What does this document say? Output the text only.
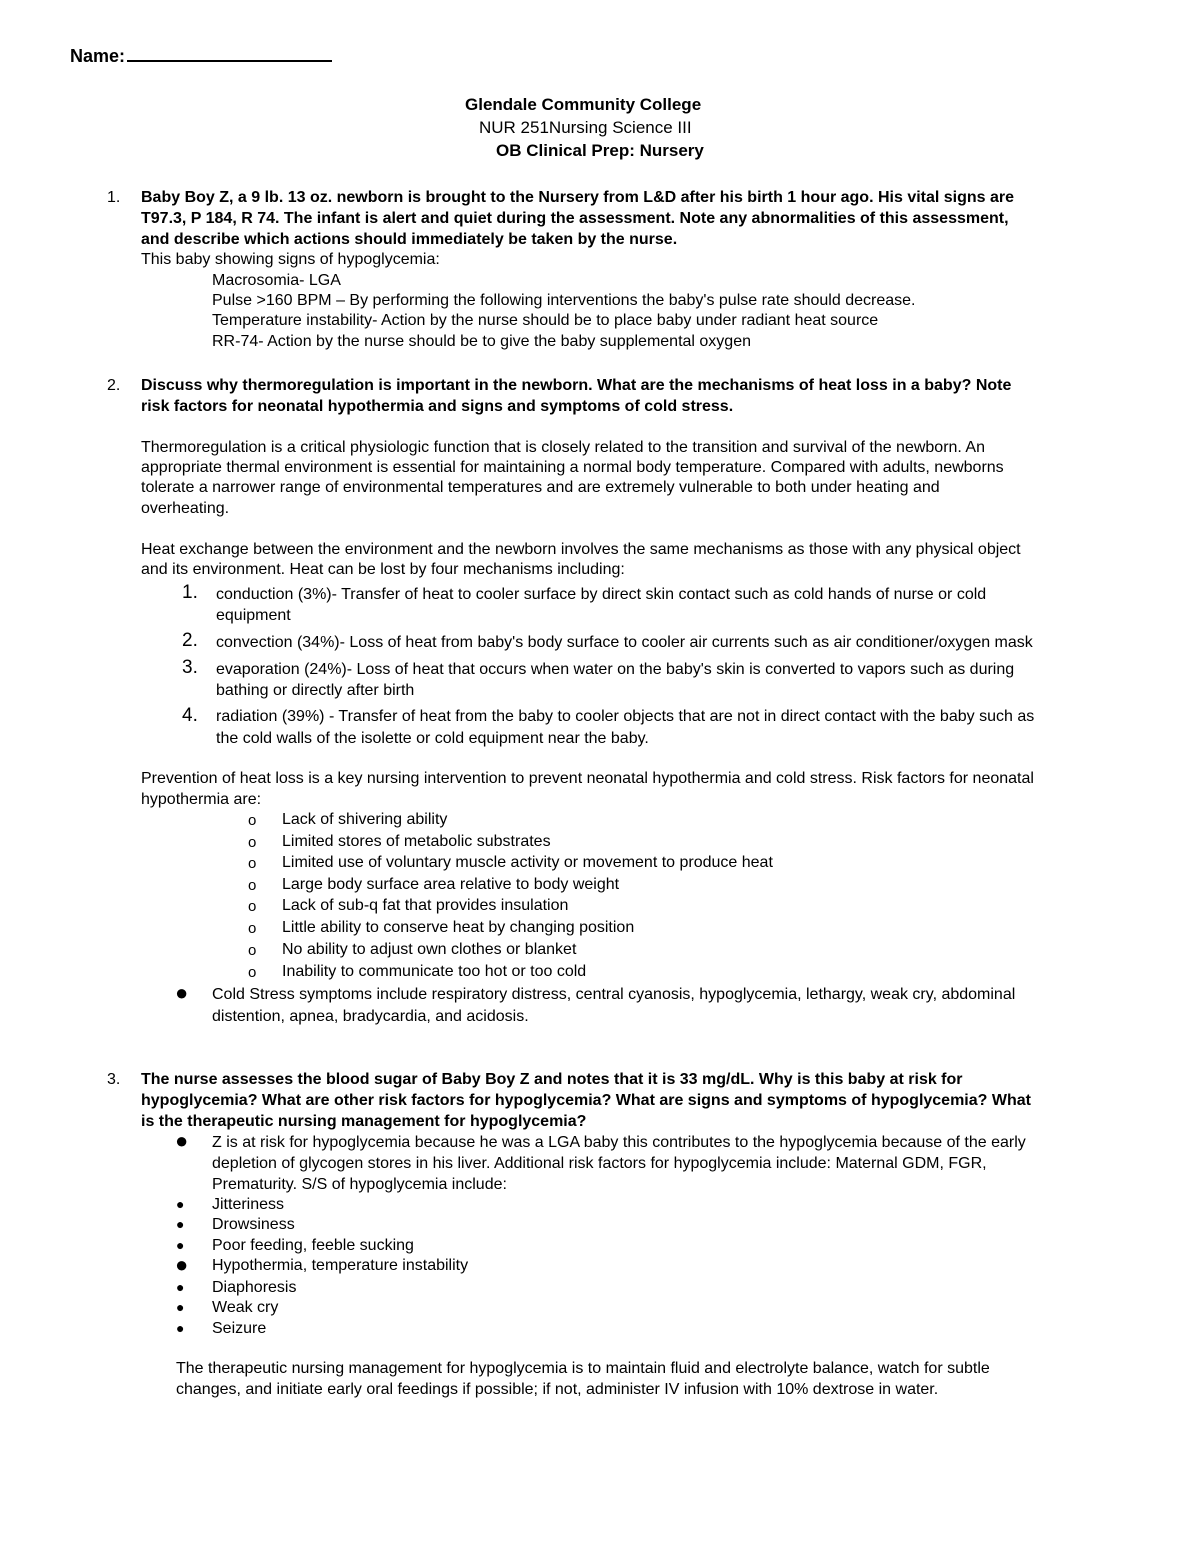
Name:
Glendale Community College
NUR 251Nursing Science III
OB Clinical Prep: Nursery
1. Baby Boy Z, a 9 lb. 13 oz. newborn is brought to the Nursery from L&D after his birth 1 hour ago. His vital signs are
T97.3, P 184, R 74. The infant is alert and quiet during the assessment. Note any abnormalities of this assessment,
and describe which actions should immediately be taken by the nurse.
This baby showing signs of hypoglycemia:
Macrosomia- LGA
Pulse >160 BPM – By performing the following interventions the baby's pulse rate should decrease.
Temperature instability- Action by the nurse should be to place baby under radiant heat source
RR-74- Action by the nurse should be to give the baby supplemental oxygen
2. Discuss why thermoregulation is important in the newborn. What are the mechanisms of heat loss in a baby? Note
risk factors for neonatal hypothermia and signs and symptoms of cold stress.
Thermoregulation is a critical physiologic function that is closely related to the transition and survival of the newborn. An
appropriate thermal environment is essential for maintaining a normal body temperature. Compared with adults, newborns
tolerate a narrower range of environmental temperatures and are extremely vulnerable to both under heating and
overheating.
Heat exchange between the environment and the newborn involves the same mechanisms as those with any physical object
and its environment. Heat can be lost by four mechanisms including:
1. conduction (3%)- Transfer of heat to cooler surface by direct skin contact such as cold hands of nurse or cold
equipment
2. convection (34%)- Loss of heat from baby's body surface to cooler air currents such as air conditioner/oxygen mask
3. evaporation (24%)- Loss of heat that occurs when water on the baby's skin is converted to vapors such as during
bathing or directly after birth
4. radiation (39%) - Transfer of heat from the baby to cooler objects that are not in direct contact with the baby such as
the cold walls of the isolette or cold equipment near the baby.
Prevention of heat loss is a key nursing intervention to prevent neonatal hypothermia and cold stress. Risk factors for neonatal
hypothermia are:
o Lack of shivering ability
o Limited stores of metabolic substrates
o Limited use of voluntary muscle activity or movement to produce heat
o Large body surface area relative to body weight
o Lack of sub-q fat that provides insulation
o Little ability to conserve heat by changing position
o No ability to adjust own clothes or blanket
o Inability to communicate too hot or too cold
● Cold Stress symptoms include respiratory distress, central cyanosis, hypoglycemia, lethargy, weak cry, abdominal
distention, apnea, bradycardia, and acidosis.
3. The nurse assesses the blood sugar of Baby Boy Z and notes that it is 33 mg/dL. Why is this baby at risk for
hypoglycemia? What are other risk factors for hypoglycemia? What are signs and symptoms of hypoglycemia? What
is the therapeutic nursing management for hypoglycemia?
● Z is at risk for hypoglycemia because he was a LGA baby this contributes to the hypoglycemia because of the early
depletion of glycogen stores in his liver. Additional risk factors for hypoglycemia include: Maternal GDM, FGR,
Prematurity. S/S of hypoglycemia include:
● Jitteriness
● Drowsiness
● Poor feeding, feeble sucking
● Hypothermia, temperature instability
● Diaphoresis
● Weak cry
● Seizure
The therapeutic nursing management for hypoglycemia is to maintain fluid and electrolyte balance, watch for subtle
changes, and initiate early oral feedings if possible; if not, administer IV infusion with 10% dextrose in water.
